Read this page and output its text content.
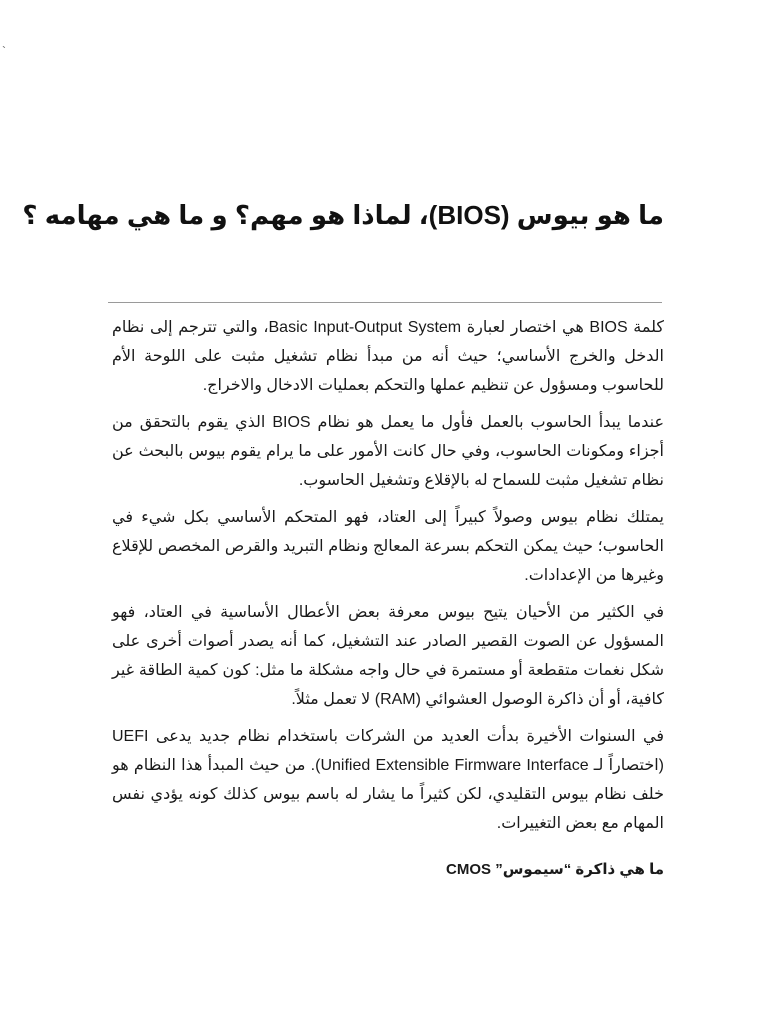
`
ما هو بيوس (BIOS)، لماذا هو مهم؟ و ما هي مهامه ؟

كلمة BIOS هي اختصار لعبارة Basic Input-Output System، والتي تترجم إلى نظام الدخل والخرج الأساسي؛ حيث أنه من مبدأ نظام تشغيل مثبت على اللوحة الأم للحاسوب ومسؤول عن تنظيم عملها والتحكم بعمليات الادخال والاخراج.

عندما يبدأ الحاسوب بالعمل فأول ما يعمل هو نظام BIOS الذي يقوم بالتحقق من أجزاء ومكونات الحاسوب، وفي حال كانت الأمور على ما يرام يقوم بيوس بالبحث عن نظام تشغيل مثبت للسماح له بالإقلاع وتشغيل الحاسوب.

يمتلك نظام بيوس وصولاً كبيراً إلى العتاد، فهو المتحكم الأساسي بكل شيء في الحاسوب؛ حيث يمكن التحكم بسرعة المعالج ونظام التبريد والقرص المخصص للإقلاع وغيرها من الإعدادات.

في الكثير من الأحيان يتيح بيوس معرفة بعض الأعطال الأساسية في العتاد، فهو المسؤول عن الصوت القصير الصادر عند التشغيل، كما أنه يصدر أصوات أخرى على شكل نغمات متقطعة أو مستمرة في حال واجه مشكلة ما مثل: كون كمية الطاقة غير كافية، أو أن ذاكرة الوصول العشوائي (RAM) لا تعمل مثلاً.

في السنوات الأخيرة بدأت العديد من الشركات باستخدام نظام جديد يدعى UEFI (اختصاراً لـ Unified Extensible Firmware Interface). من حيث المبدأ هذا النظام هو خلف نظام بيوس التقليدي، لكن كثيراً ما يشار له باسم بيوس كذلك كونه يؤدي نفس المهام مع بعض التغييرات.

ما هي ذاكرة “سيموس” CMOS
